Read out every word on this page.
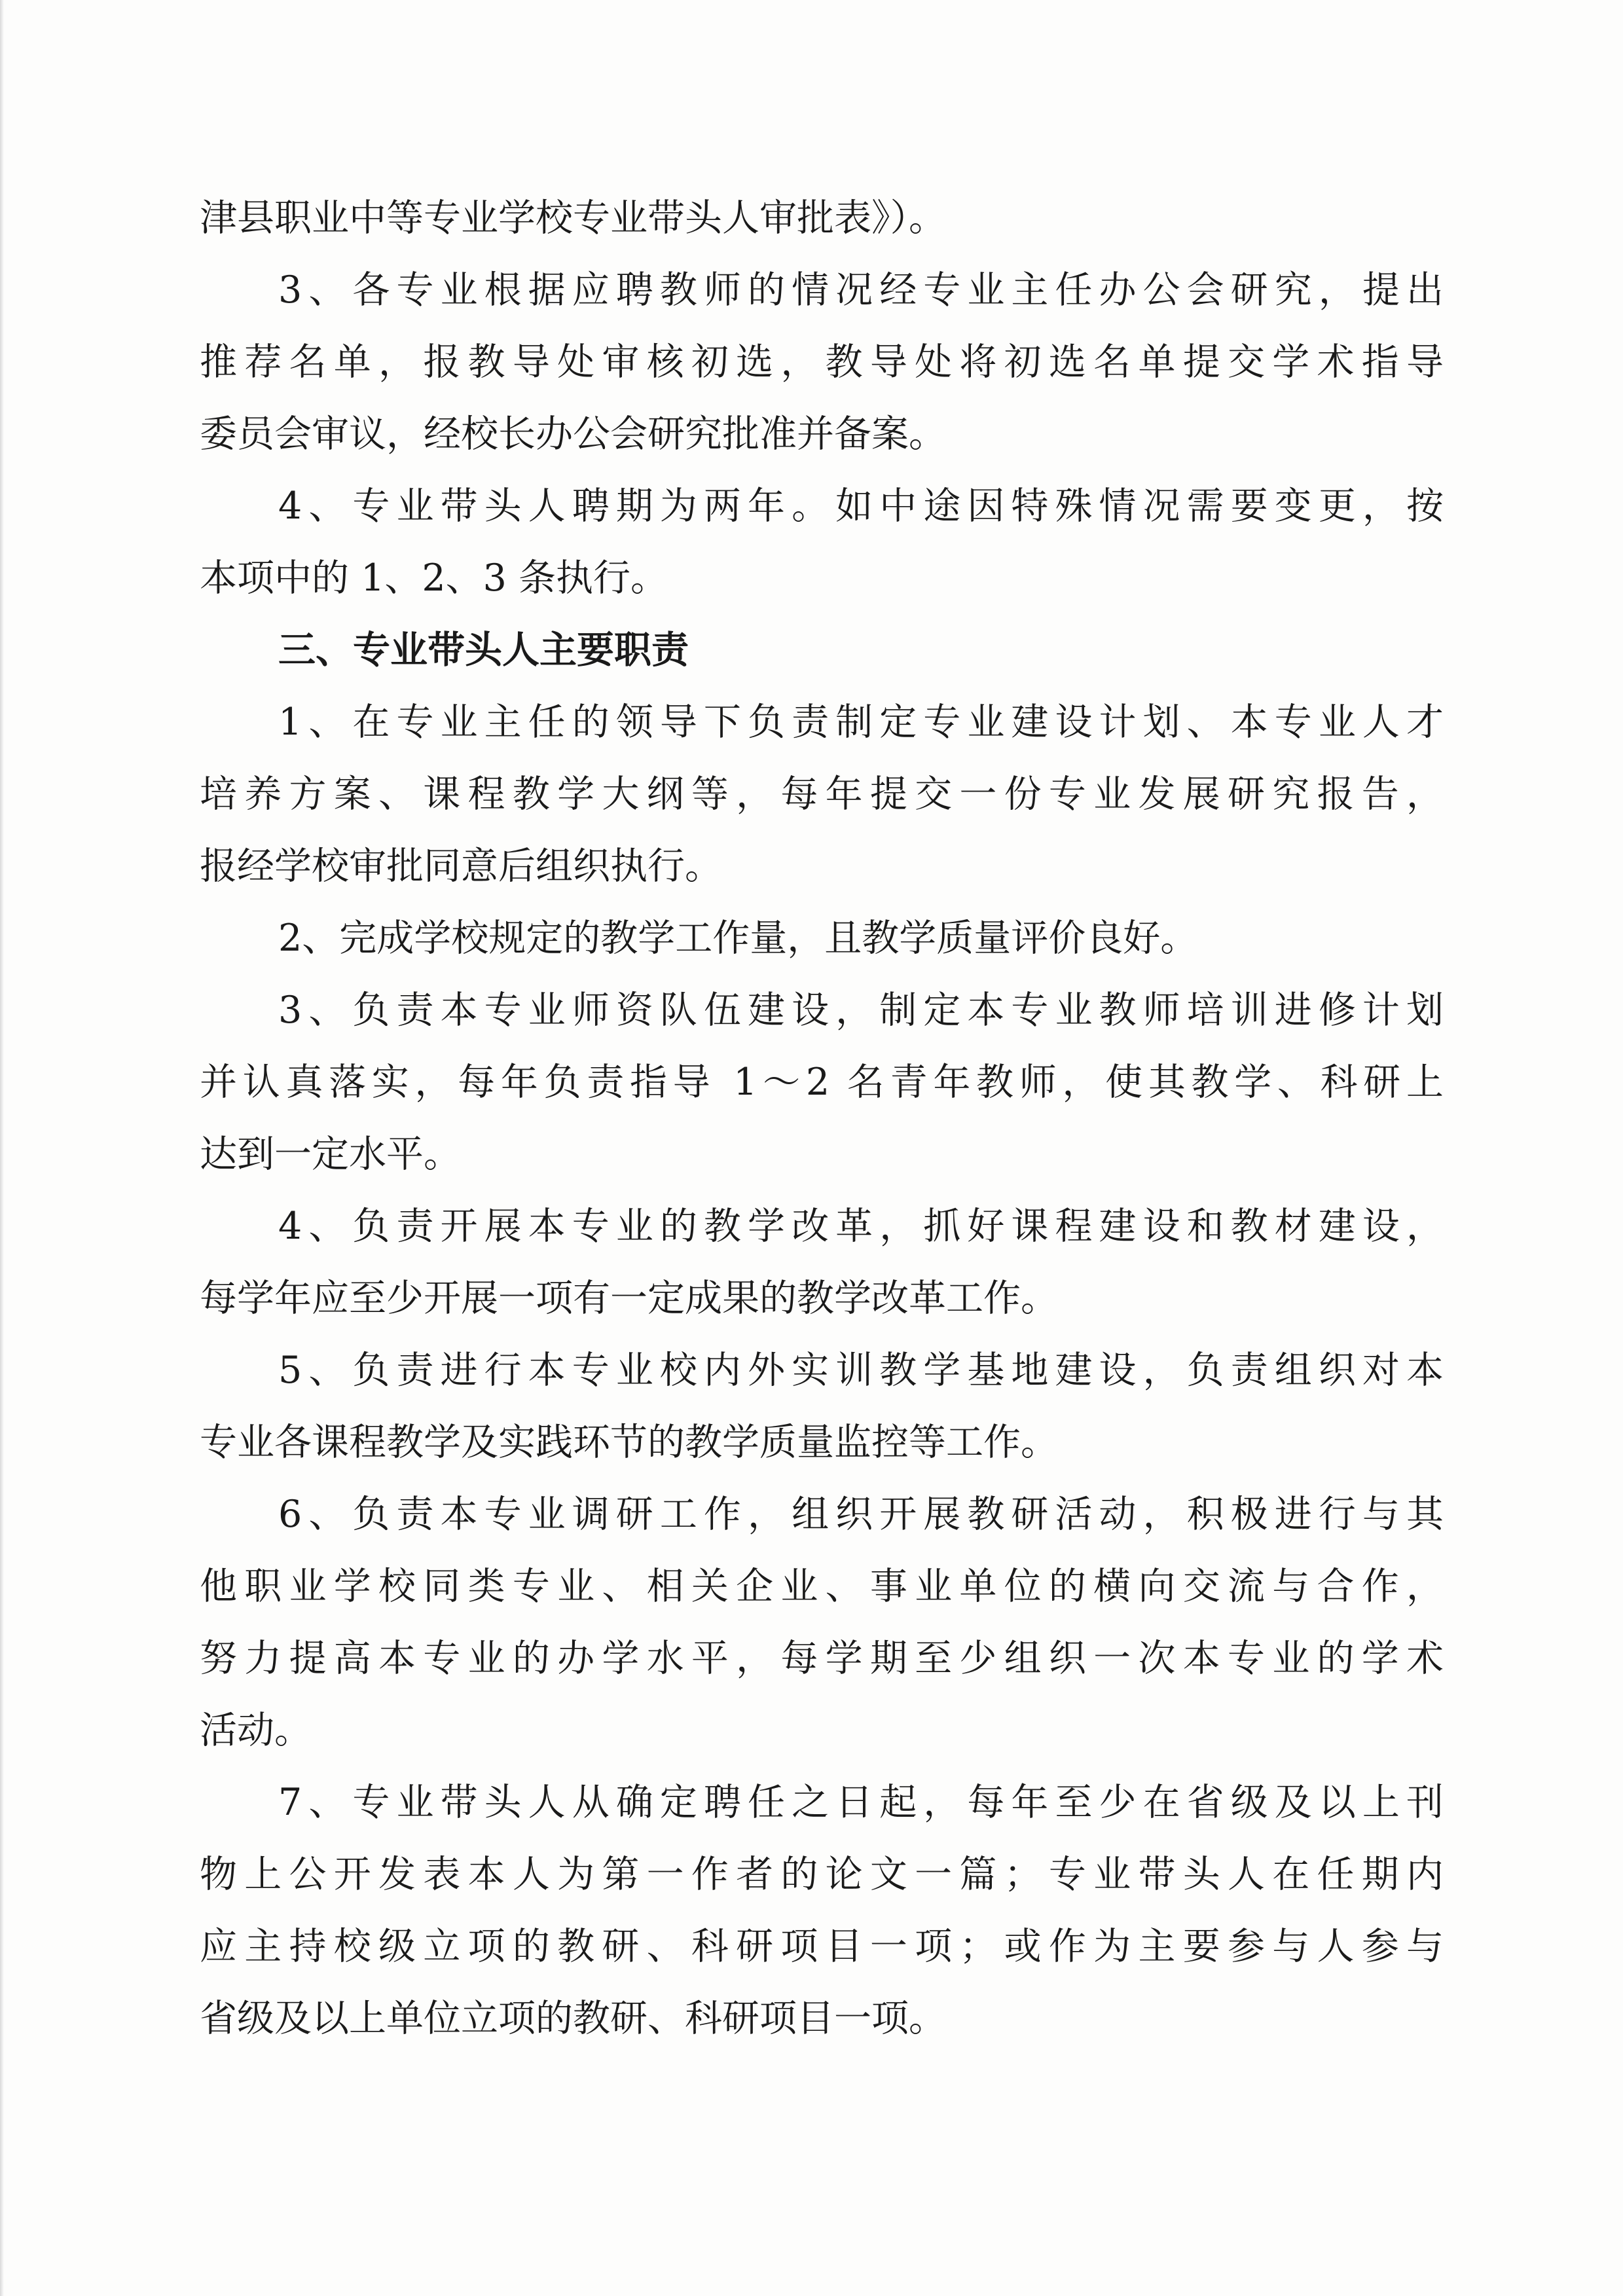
津县职业中等专业学校专业带头人审批表》）。
3、各专业根据应聘教师的情况经专业主任办公会研究，提出
推荐名单，报教导处审核初选，教导处将初选名单提交学术指导
委员会审议，经校长办公会研究批准并备案。
4、专业带头人聘期为两年。如中途因特殊情况需要变更，按
本项中的 1、2、3 条执行。
三、专业带头人主要职责
1、在专业主任的领导下负责制定专业建设计划、本专业人才
培养方案、课程教学大纲等，每年提交一份专业发展研究报告，
报经学校审批同意后组织执行。
2、完成学校规定的教学工作量，且教学质量评价良好。
3、负责本专业师资队伍建设，制定本专业教师培训进修计划
并认真落实，每年负责指导 1～2 名青年教师，使其教学、科研上
达到一定水平。
4、负责开展本专业的教学改革，抓好课程建设和教材建设，
每学年应至少开展一项有一定成果的教学改革工作。
5、负责进行本专业校内外实训教学基地建设，负责组织对本
专业各课程教学及实践环节的教学质量监控等工作。
6、负责本专业调研工作，组织开展教研活动，积极进行与其
他职业学校同类专业、相关企业、事业单位的横向交流与合作，
努力提高本专业的办学水平，每学期至少组织一次本专业的学术
活动。
7、专业带头人从确定聘任之日起，每年至少在省级及以上刊
物上公开发表本人为第一作者的论文一篇；专业带头人在任期内
应主持校级立项的教研、科研项目一项；或作为主要参与人参与
省级及以上单位立项的教研、科研项目一项。
